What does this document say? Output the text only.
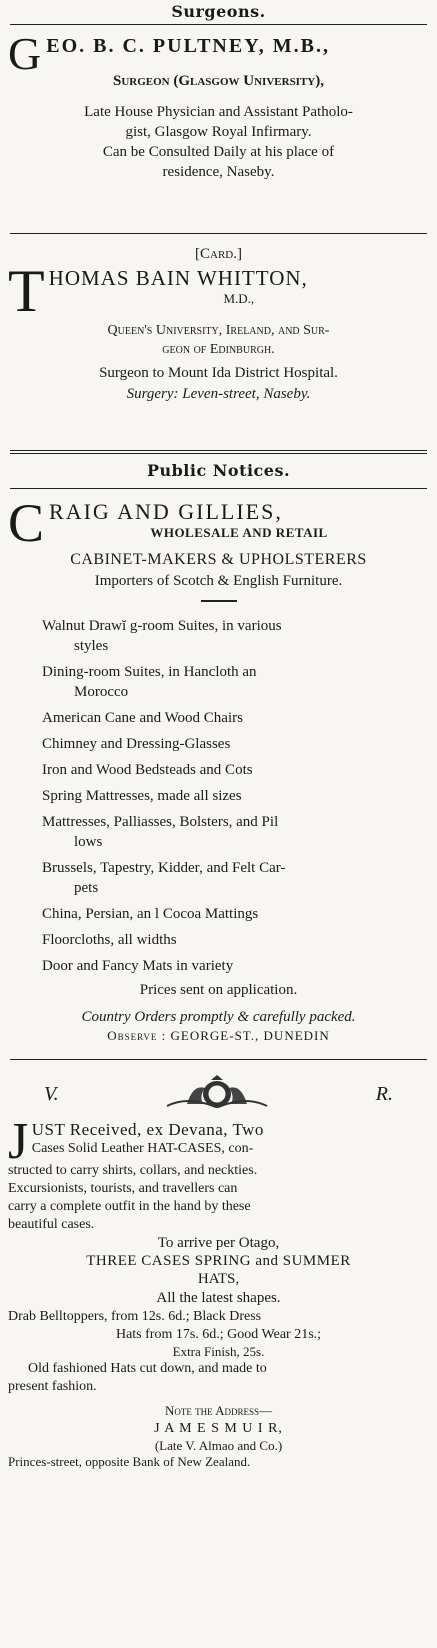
Surgeons.
G EO. B. C. PULTNEY, M.B.,
Surgeon (Glasgow University),
Late House Physician and Assistant Patholo-
gist, Glasgow Royal Infirmary.
Can be Consulted Daily at his place of
residence, Naseby.
[Card.]
T HOMAS BAIN WHITTON,
M.D.,
Queen's University, Ireland, and Sur-
geon of Edinburgh.
Surgeon to Mount Ida District Hospital.
Surgery: Leven-street, Naseby.
Public Notices.
C RAIG AND GILLIES,
WHOLESALE AND RETAIL
CABINET-MAKERS & UPHOLSTERERS
Importers of Scotch & English Furniture.
Walnut Drawĭ g-room Suites, in various
styles
Dining-room Suites, in Hancloth an
Morocco
American Cane and Wood Chairs
Chimney and Dressing-Glasses
Iron and Wood Bedsteads and Cots
Spring Mattresses, made all sizes
Mattresses, Palliasses, Bolsters, and Pil
lows
Brussels, Tapestry, Kidder, and Felt Car-
pets
China, Persian, an l Cocoa Mattings
Floorcloths, all widths
Door and Fancy Mats in variety
Prices sent on application.
Country Orders promptly & carefully packed.
Observe : GEORGE-ST., DUNEDIN
V.	R.
J UST Received, ex Devana, Two
Cases Solid Leather HAT-CASES, con-
structed to carry shirts, collars, and neckties.
Excursionists, tourists, and travellers can
carry a complete outfit in the hand by these
beautiful cases.
To arrive per Otago,
THREE CASES SPRING and SUMMER
HATS,
All the latest shapes.
Drab Belltoppers, from 12s. 6d.; Black Dress
Hats from 17s. 6d.; Good Wear 21s.;
Extra Finish, 25s.
Old fashioned Hats cut down, and made to
present fashion.
Note the Address—
J A M E S M U I R,
(Late V. Almao and Co.)
Princes-street, opposite Bank of New Zealand.
